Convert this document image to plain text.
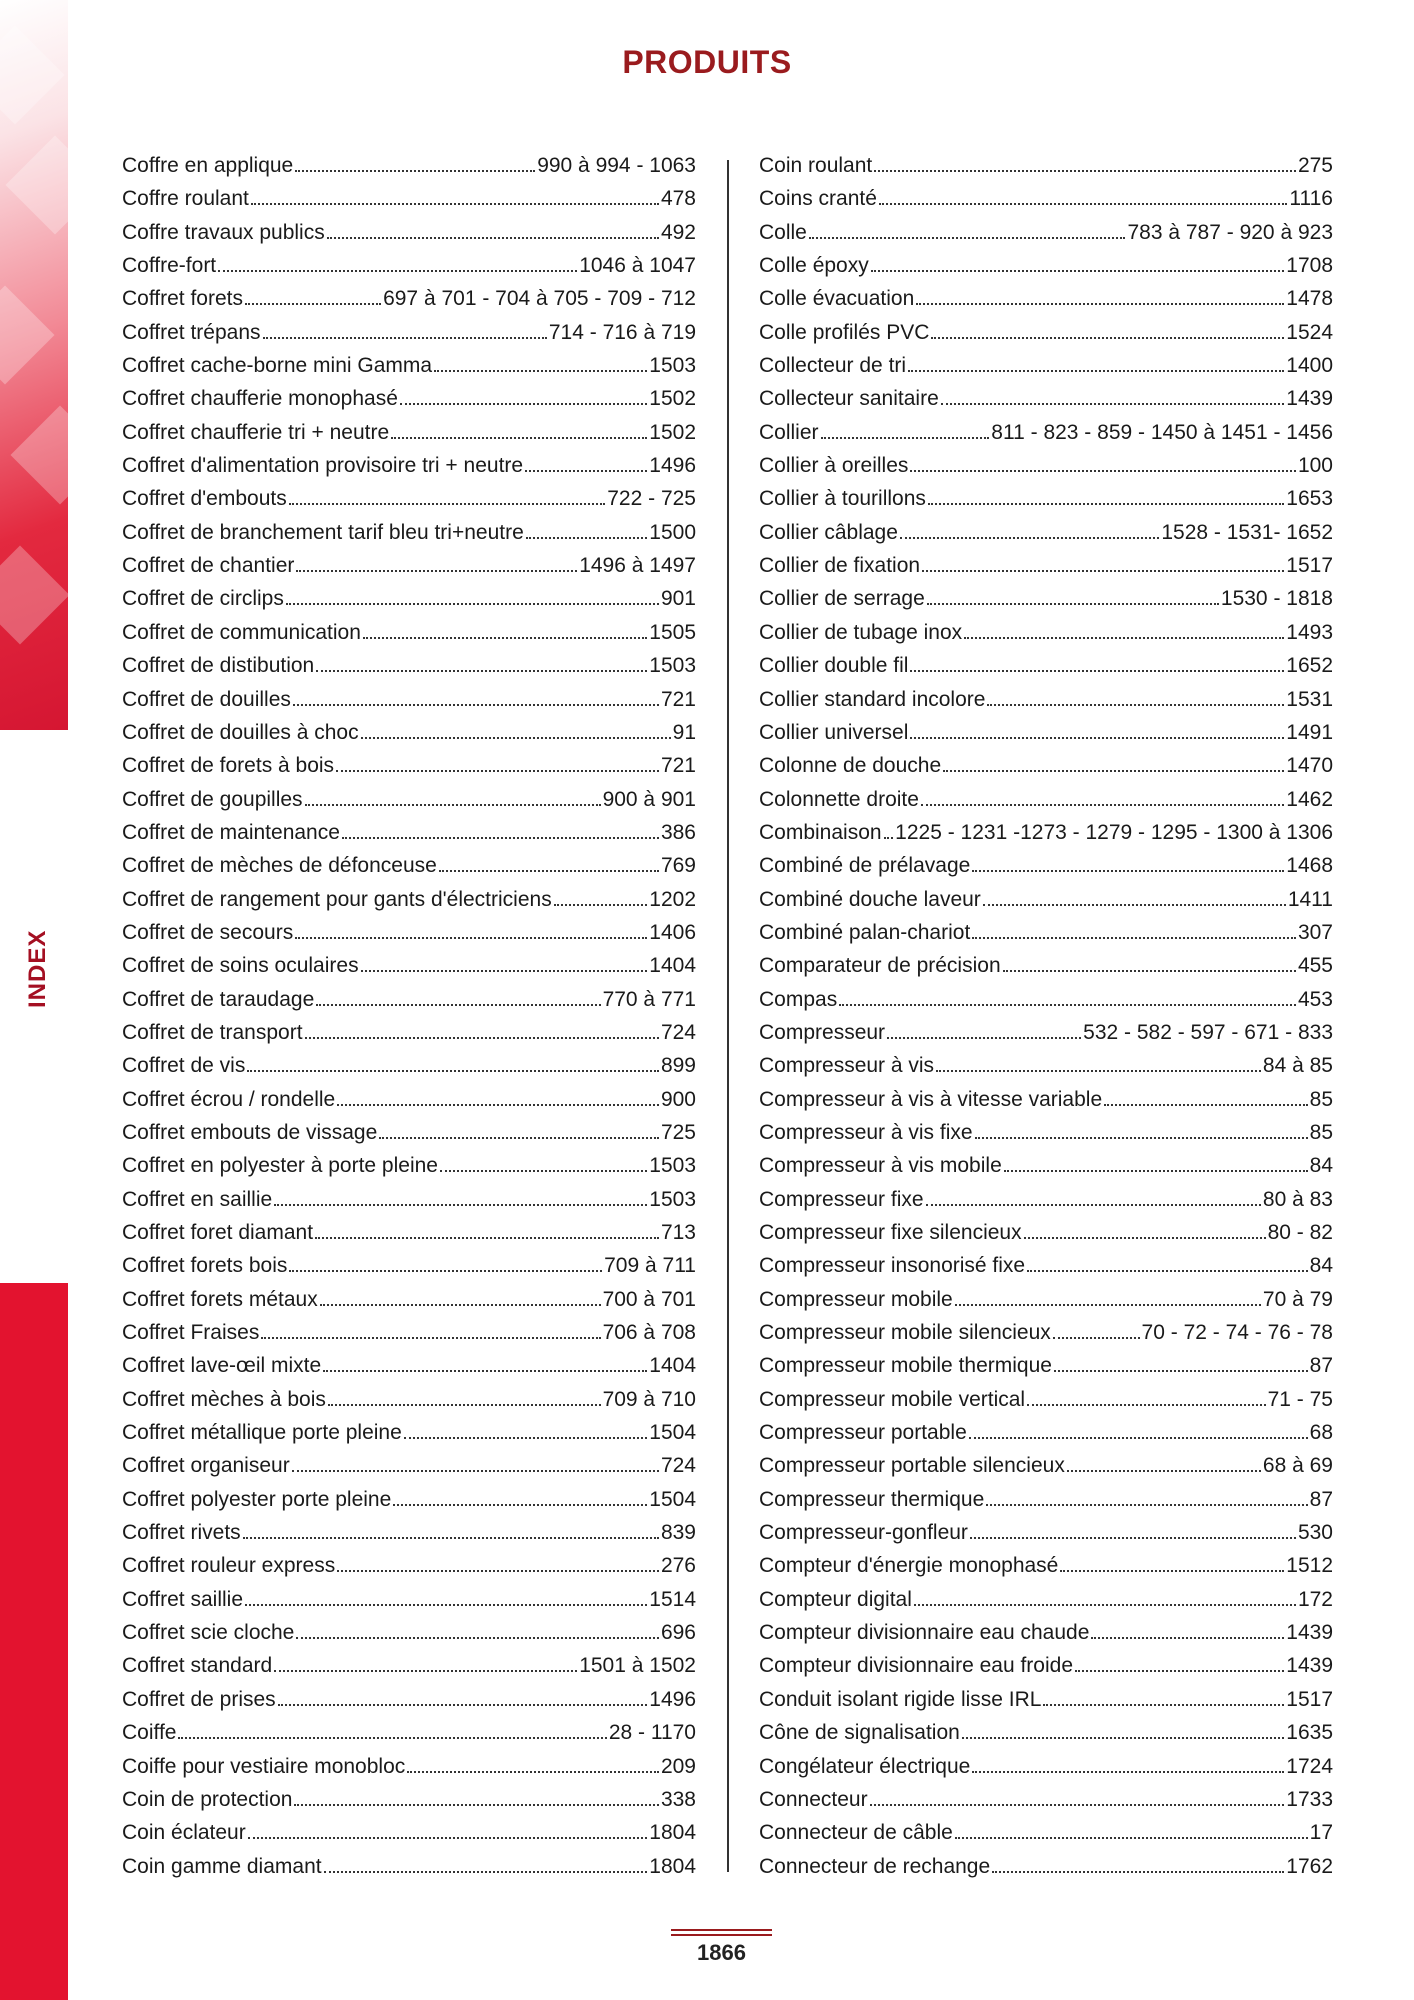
INDEX
PRODUITS
Coffre en applique	990 à 994 - 1063
Coffre roulant	478
Coffre travaux publics	492
Coffre-fort	1046 à 1047
Coffret forets	697 à 701 - 704 à 705 - 709 - 712
Coffret trépans	714 - 716 à 719
Coffret cache-borne mini Gamma	1503
Coffret chaufferie monophasé	1502
Coffret chaufferie tri + neutre	1502
Coffret d'alimentation provisoire tri + neutre	1496
Coffret d'embouts	722 - 725
Coffret de branchement tarif bleu tri+neutre	1500
Coffret de chantier	1496 à 1497
Coffret de circlips	901
Coffret de communication	1505
Coffret de distibution	1503
Coffret de douilles	721
Coffret de douilles à choc	91
Coffret de forets à bois	721
Coffret de goupilles	900 à 901
Coffret de maintenance	386
Coffret de mèches de défonceuse	769
Coffret de rangement pour gants d'électriciens	1202
Coffret de secours	1406
Coffret de soins oculaires	1404
Coffret de taraudage	770 à 771
Coffret de transport	724
Coffret de vis	899
Coffret écrou / rondelle	900
Coffret embouts de vissage	725
Coffret en polyester à porte pleine	1503
Coffret en saillie	1503
Coffret foret diamant	713
Coffret forets bois	709 à 711
Coffret forets métaux	700 à 701
Coffret Fraises	706 à 708
Coffret lave-œil mixte	1404
Coffret mèches à bois	709 à 710
Coffret métallique porte pleine	1504
Coffret organiseur	724
Coffret polyester porte pleine	1504
Coffret rivets	839
Coffret rouleur express	276
Coffret saillie	1514
Coffret scie cloche	696
Coffret standard	1501 à 1502
Coffret de prises	1496
Coiffe	28 - 1170
Coiffe pour vestiaire monobloc	209
Coin de protection	338
Coin éclateur	1804
Coin gamme diamant	1804
Coin roulant	275
Coins cranté	1116
Colle	783 à 787 - 920 à 923
Colle époxy	1708
Colle évacuation	1478
Colle profilés PVC	1524
Collecteur de tri	1400
Collecteur sanitaire	1439
Collier	811 - 823 - 859 - 1450 à 1451 - 1456
Collier à oreilles	100
Collier à tourillons	1653
Collier câblage	1528 - 1531- 1652
Collier de fixation	1517
Collier de serrage	1530 - 1818
Collier de tubage inox	1493
Collier double fil	1652
Collier standard incolore	1531
Collier universel	1491
Colonne de douche	1470
Colonnette droite	1462
Combinaison 1225 - 1231 -1273 - 1279 - 1295 - 1300 à 1306
Combiné de prélavage	1468
Combiné douche laveur	1411
Combiné palan-chariot	307
Comparateur de précision	455
Compas	453
Compresseur	532 - 582 - 597 - 671 - 833
Compresseur à vis	84 à 85
Compresseur à vis à vitesse variable	85
Compresseur à vis fixe	85
Compresseur à vis mobile	84
Compresseur fixe	80 à 83
Compresseur fixe silencieux	80 - 82
Compresseur insonorisé fixe	84
Compresseur mobile	70 à 79
Compresseur mobile silencieux	70 - 72 - 74 - 76 - 78
Compresseur mobile thermique	87
Compresseur mobile vertical	71 - 75
Compresseur portable	68
Compresseur portable silencieux	68 à 69
Compresseur thermique	87
Compresseur-gonfleur	530
Compteur d'énergie monophasé	1512
Compteur digital	172
Compteur divisionnaire eau chaude	1439
Compteur divisionnaire eau froide	1439
Conduit isolant rigide lisse IRL	1517
Cône de signalisation	1635
Congélateur électrique	1724
Connecteur	1733
Connecteur de câble	17
Connecteur de rechange	1762
1866
